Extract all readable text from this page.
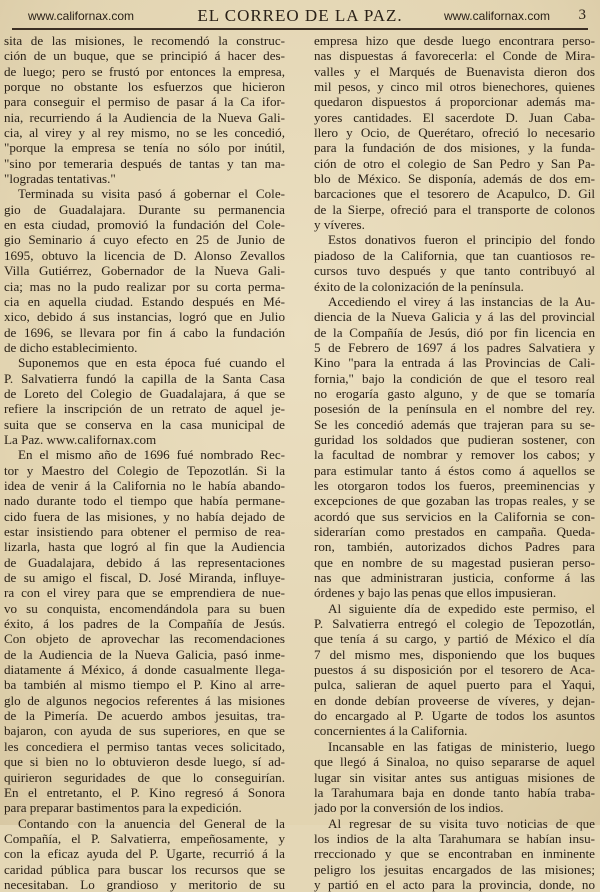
www.californax.com	EL CORREO DE LA PAZ.	www.californax.com 3
sita de las misiones, le recomendó la construc-
ción de un buque, que se principió á hacer des-
de luego; pero se frustó por entonces la empresa,
porque no obstante los esfuerzos que hicieron
para conseguir el permiso de pasar á la Ca ifor-
nia, recurriendo á la Audiencia de la Nueva Gali-
cia, al virey y al rey mismo, no se les concedió,
"porque la empresa se tenía no sólo por inútil,
"sino por temeraria después de tantas y tan ma-
"logradas tentativas."
Terminada su visita pasó á gobernar el Cole-
gio de Guadalajara. Durante su permanencia
en esta ciudad, promovió la fundación del Cole-
gio Seminario á cuyo efecto en 25 de Junio de
1695, obtuvo la licencia de D. Alonso Zevallos
Villa Gutiérrez, Gobernador de la Nueva Gali-
cia; mas no la pudo realizar por su corta perma-
cia en aquella ciudad. Estando después en Mé-
xico, debido á sus instancias, logró que en Julio
de 1696, se llevara por fin á cabo la fundación
de dicho establecimiento.
Suponemos que en esta época fué cuando el
P. Salvatierra fundó la capilla de la Santa Casa
de Loreto del Colegio de Guadalajara, á que se
refiere la inscripción de un retrato de aquel je-
suita que se conserva en la casa municipal de
La Paz. www.californax.com
En el mismo año de 1696 fué nombrado Rec-
tor y Maestro del Colegio de Tepozotlán. Si la
idea de venir á la California no le había abando-
nado durante todo el tiempo que había permane-
cido fuera de las misiones, y no había dejado de
estar insistiendo para obtener el permiso de rea-
lizarla, hasta que logró al fin que la Audiencia
de Guadalajara, debido á las representaciones
de su amigo el fiscal, D. José Miranda, influye-
ra con el virey para que se emprendiera de nue-
vo su conquista, encomendándola para su buen
éxito, á los padres de la Compañía de Jesús.
Con objeto de aprovechar las recomendaciones
de la Audiencia de la Nueva Galicia, pasó inme-
diatamente á México, á donde casualmente llega-
ba también al mismo tiempo el P. Kino al arre-
glo de algunos negocios referentes á las misiones
de la Pimería. De acuerdo ambos jesuitas, tra-
bajaron, con ayuda de sus superiores, en que se
les concediera el permiso tantas veces solicitado,
que si bien no lo obtuvieron desde luego, sí ad-
quirieron seguridades de que lo conseguirían.
En el entretanto, el P. Kino regresó á Sonora
para preparar bastimentos para la expedición.
Contando con la anuencia del General de la
Compañía, el P. Salvatierra, empeñosamente, y
con la eficaz ayuda del P. Ugarte, recurrió á la
caridad pública para buscar los recursos que se
necesitaban. Lo grandioso y meritorio de su
empresa hizo que desde luego encontrara perso-
nas dispuestas á favorecerla: el Conde de Mira-
valles y el Marqués de Buenavista dieron dos
mil pesos, y cinco mil otros bienechores, quienes
quedaron dispuestos á proporcionar además ma-
yores cantidades. El sacerdote D. Juan Caba-
llero y Ocio, de Querétaro, ofreció lo necesario
para la fundación de dos misiones, y la funda-
ción de otro el colegio de San Pedro y San Pa-
blo de México. Se disponía, además de dos em-
barcaciones que el tesorero de Acapulco, D. Gil
de la Sierpe, ofreció para el transporte de colonos
y víveres.
Estos donativos fueron el principio del fondo
piadoso de la California, que tan cuantiosos re-
cursos tuvo después y que tanto contribuyó al
éxito de la colonización de la península.
Accediendo el virey á las instancias de la Au-
diencia de la Nueva Galicia y á las del provincial
de la Compañía de Jesús, dió por fin licencia en
5 de Febrero de 1697 á los padres Salvatiera y
Kino "para la entrada á las Provincias de Cali-
fornia," bajo la condición de que el tesoro real
no erogaría gasto alguno, y de que se tomaría
posesión de la península en el nombre del rey.
Se les concedió además que trajeran para su se-
guridad los soldados que pudieran sostener, con
la facultad de nombrar y remover los cabos; y
para estimular tanto á éstos como á aquellos se
les otorgaron todos los fueros, preeminencias y
excepciones de que gozaban las tropas reales, y se
acordó que sus servicios en la California se con-
siderarían como prestados en campaña. Queda-
ron, también, autorizados dichos Padres para
que en nombre de su magestad pusieran perso-
nas que administraran justicia, conforme á las
órdenes y bajo las penas que ellos impusieran.
Al siguiente día de expedido este permiso, el
P. Salvatierra entregó el colegio de Tepozotlán,
que tenía á su cargo, y partió de México el día
7 del mismo mes, disponiendo que los buques
puestos á su disposición por el tesorero de Aca-
pulca, salieran de aquel puerto para el Yaqui,
en donde debían proveerse de víveres, y dejan-
do encargado al P. Ugarte de todos los asuntos
concernientes á la California.
Incansable en las fatigas de ministerio, luego
que llegó á Sinaloa, no quiso separarse de aquel
lugar sin visitar antes sus antiguas misiones de
la Tarahumara baja en donde tanto había traba-
jado por la conversión de los indios.
Al regresar de su visita tuvo noticias de que
los indios de la alta Tarahumara se habían insu-
rreccionado y que se encontraban en inminente
peligro los jesuitas encargados de las misiones;
y partió en el acto para la provincia, donde, no
